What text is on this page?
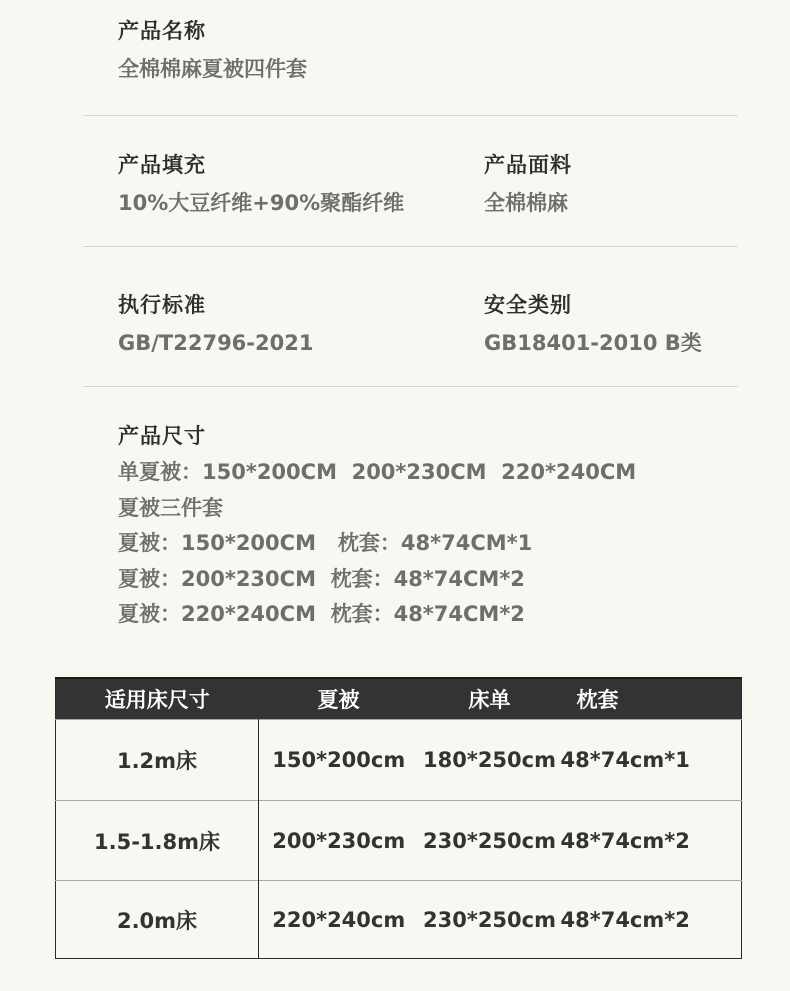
产品名称
全棉棉麻夏被四件套
产品填充
10%大豆纤维+90%聚酯纤维
产品面料
全棉棉麻
执行标准
GB/T22796-2021
安全类别
GB18401-2010 B类
产品尺寸
单夏被：150*200CM  200*230CM  220*240CM
夏被三件套
夏被：150*200CM   枕套：48*74CM*1
夏被：200*230CM  枕套：48*74CM*2
夏被：220*240CM  枕套：48*74CM*2
适用床尺寸	夏被	床单	枕套
1.2m床	150*200cm	180*250cm	48*74cm*1
1.5-1.8m床	200*230cm	230*250cm	48*74cm*2
2.0m床	220*240cm	230*250cm	48*74cm*2
